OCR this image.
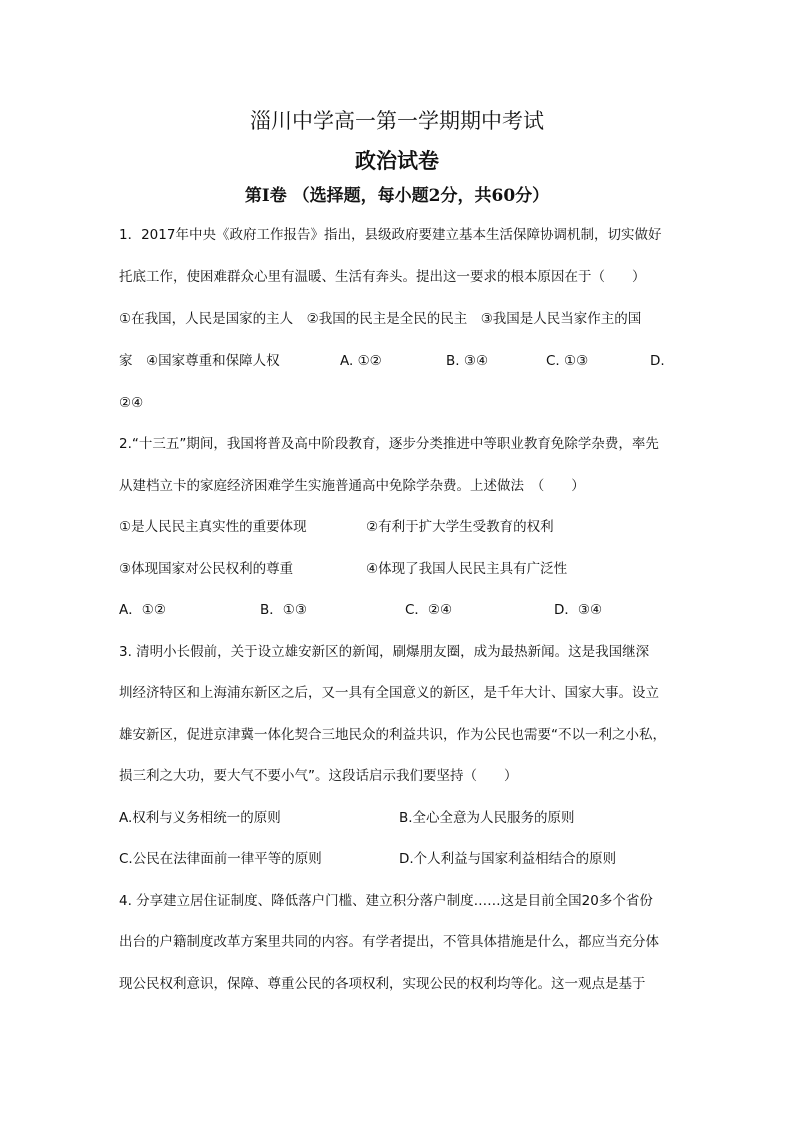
淄川中学高一第一学期期中考试
政治试卷
第Ⅰ卷 （选择题，每小题2分，共60分）
1．2017年中央《政府工作报告》指出，县级政府要建立基本生活保障协调机制，切实做好
托底工作，使困难群众心里有温暖、生活有奔头。提出这一要求的根本原因在于（　　）
①在我国，人民是国家的主人　②我国的民主是全民的民主　③我国是人民当家作主的国
家　④国家尊重和保障人权	A. ①②	B. ③④	C. ①③	D.
②④
2.“十三五”期间，我国将普及高中阶段教育，逐步分类推进中等职业教育免除学杂费，率先
从建档立卡的家庭经济困难学生实施普通高中免除学杂费。上述做法　（　　）
①是人民民主真实性的重要体现	②有利于扩大学生受教育的权利
③体现国家对公民权利的尊重	④体现了我国人民民主具有广泛性
A．①②	B．①③	C．②④	D．③④
3. 清明小长假前，关于设立雄安新区的新闻，刷爆朋友圈，成为最热新闻。这是我国继深
圳经济特区和上海浦东新区之后，又一具有全国意义的新区，是千年大计、国家大事。设立
雄安新区，促进京津冀一体化契合三地民众的利益共识，作为公民也需要“不以一利之小私，
损三利之大功，要大气不要小气”。这段话启示我们要坚持（　　）
A.权利与义务相统一的原则	B.全心全意为人民服务的原则
C.公民在法律面前一律平等的原则	D.个人利益与国家利益相结合的原则
4. 分享建立居住证制度、降低落户门槛、建立积分落户制度……这是目前全国20多个省份
出台的户籍制度改革方案里共同的内容。有学者提出，不管具体措施是什么，都应当充分体
现公民权利意识，保障、尊重公民的各项权利，实现公民的权利均等化。这一观点是基于
